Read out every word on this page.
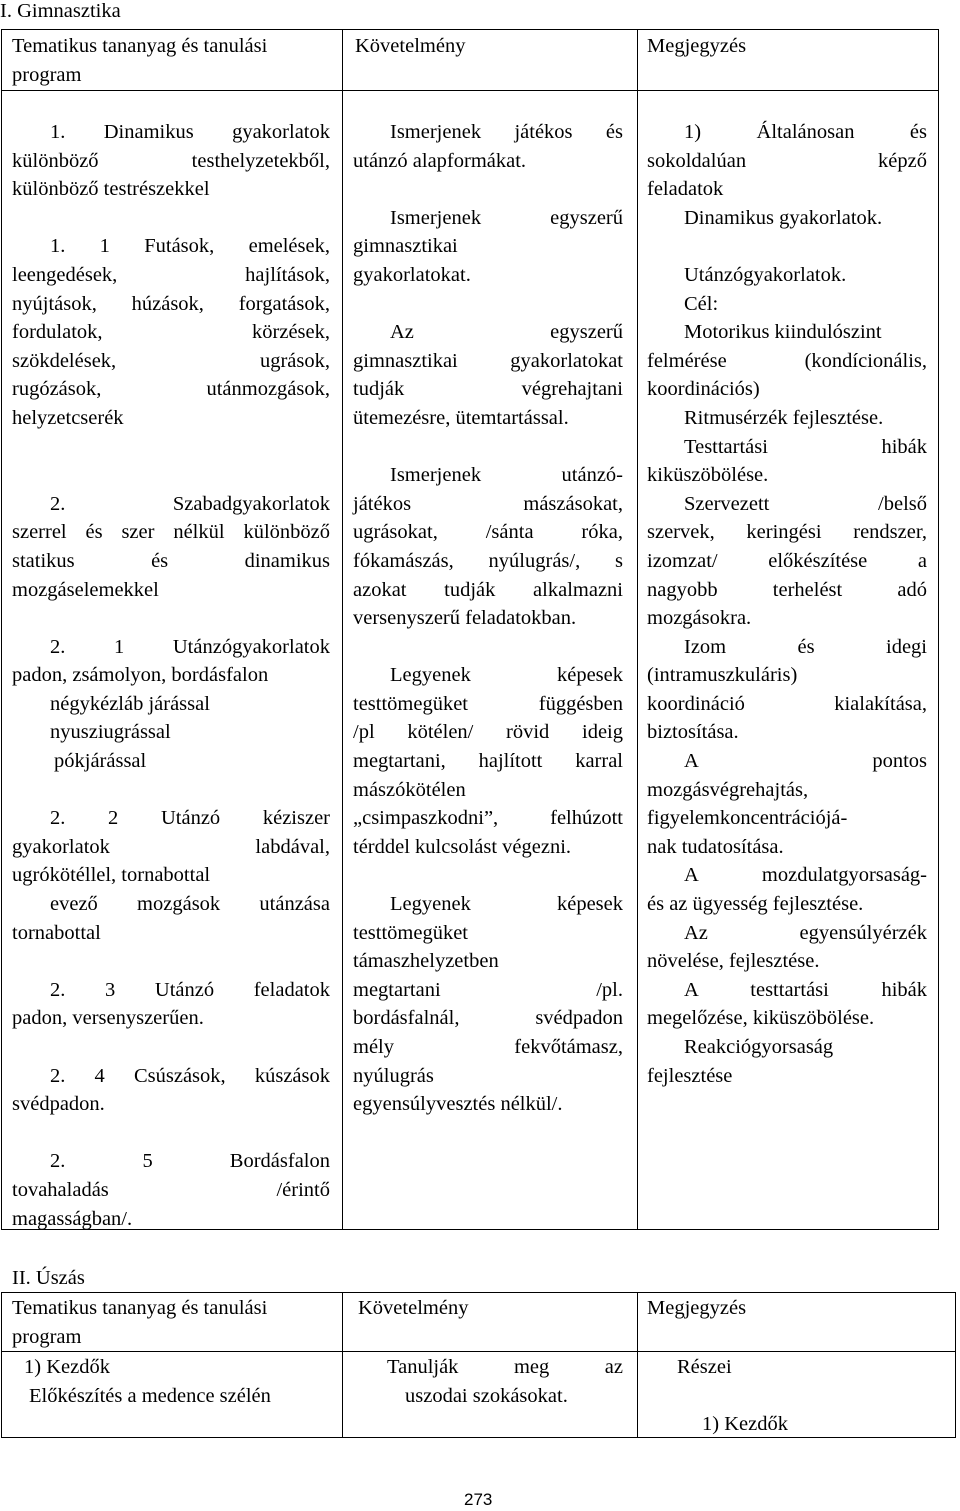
I. Gimnasztika

Tematikus tananyag és tanulási

program

Követelmény	Megjegyzés

1. Dinamikus gyakorlatok

különböző testhelyzetekből,

különböző testrészekkel

1. 1 Futások, emelések,

leengedések, hajlítások,

nyújtások, húzások, forgatások,

fordulatok, körzések,

szökdelések, ugrások,

rugózások, utánmozgások,

helyzetcserék

2. Szabadgyakorlatok

szerrel és szer nélkül különböző

statikus és dinamikus

mozgáselemekkel

2. 1 Utánzógyakorlatok

padon, zsámolyon, bordásfalon

négykézláb járással

nyusziugrással

pókjárással

2. 2 Utánzó kéziszer

gyakorlatok labdával,

ugrókötéllel, tornabottal

evező mozgások utánzása

tornabottal

2. 3 Utánzó feladatok

padon, versenyszerűen.

2. 4 Csúszások, kúszások

svédpadon.

2. 5 Bordásfalon

tovahaladás /érintő

magasságban/.

Ismerjenek játékos és

utánzó alapformákat.

Ismerjenek egyszerű

gimnasztikai

gyakorlatokat.

Az egyszerű

gimnasztikai gyakorlatokat

tudják végrehajtani

ütemezésre, ütemtartással.

Ismerjenek utánzó-

játékos mászásokat,

ugrásokat, /sánta róka,

fókamászás, nyúlugrás/, s

azokat tudják alkalmazni

versenyszerű feladatokban.

Legyenek képesek

testtömegüket függésben

/pl kötélen/ rövid ideig

megtartani, hajlított karral

mászókötélen

„csimpaszkodni”, felhúzott

térddel kulcsolást végezni.

Legyenek képesek

testtömegüket

támaszhelyzetben

megtartani /pl.

bordásfalnál, svédpadon

mély fekvőtámasz,

nyúlugrás

egyensúlyvesztés nélkül/.

1) Általánosan és

sokoldalúan képző

feladatok

Dinamikus gyakorlatok.

Utánzógyakorlatok.

Cél:

Motorikus kiindulószint

felmérése (kondícionális,

koordinációs)

Ritmusérzék fejlesztése.

Testtartási hibák

kiküszöbölése.

Szervezett /belső

szervek, keringési rendszer,

izomzat/ előkészítése a

nagyobb terhelést adó

mozgásokra.

Izom és idegi

(intramuszkuláris)

koordináció kialakítása,

biztosítása.

A pontos

mozgásvégrehajtás,

figyelemkoncentrációjá-

nak tudatosítása.

A mozdulatgyorsaság-

és az ügyesség fejlesztése.

Az egyensúlyérzék

növelése, fejlesztése.

A testtartási hibák

megelőzése, kiküszöbölése.

Reakciógyorsaság

fejlesztése

II. Úszás

Tematikus tananyag és tanulási

program

Követelmény	Megjegyzés

1) Kezdők

Előkészítés a medence szélén

Tanulják meg az

uszodai szokásokat.

Részei

1) Kezdők

273
